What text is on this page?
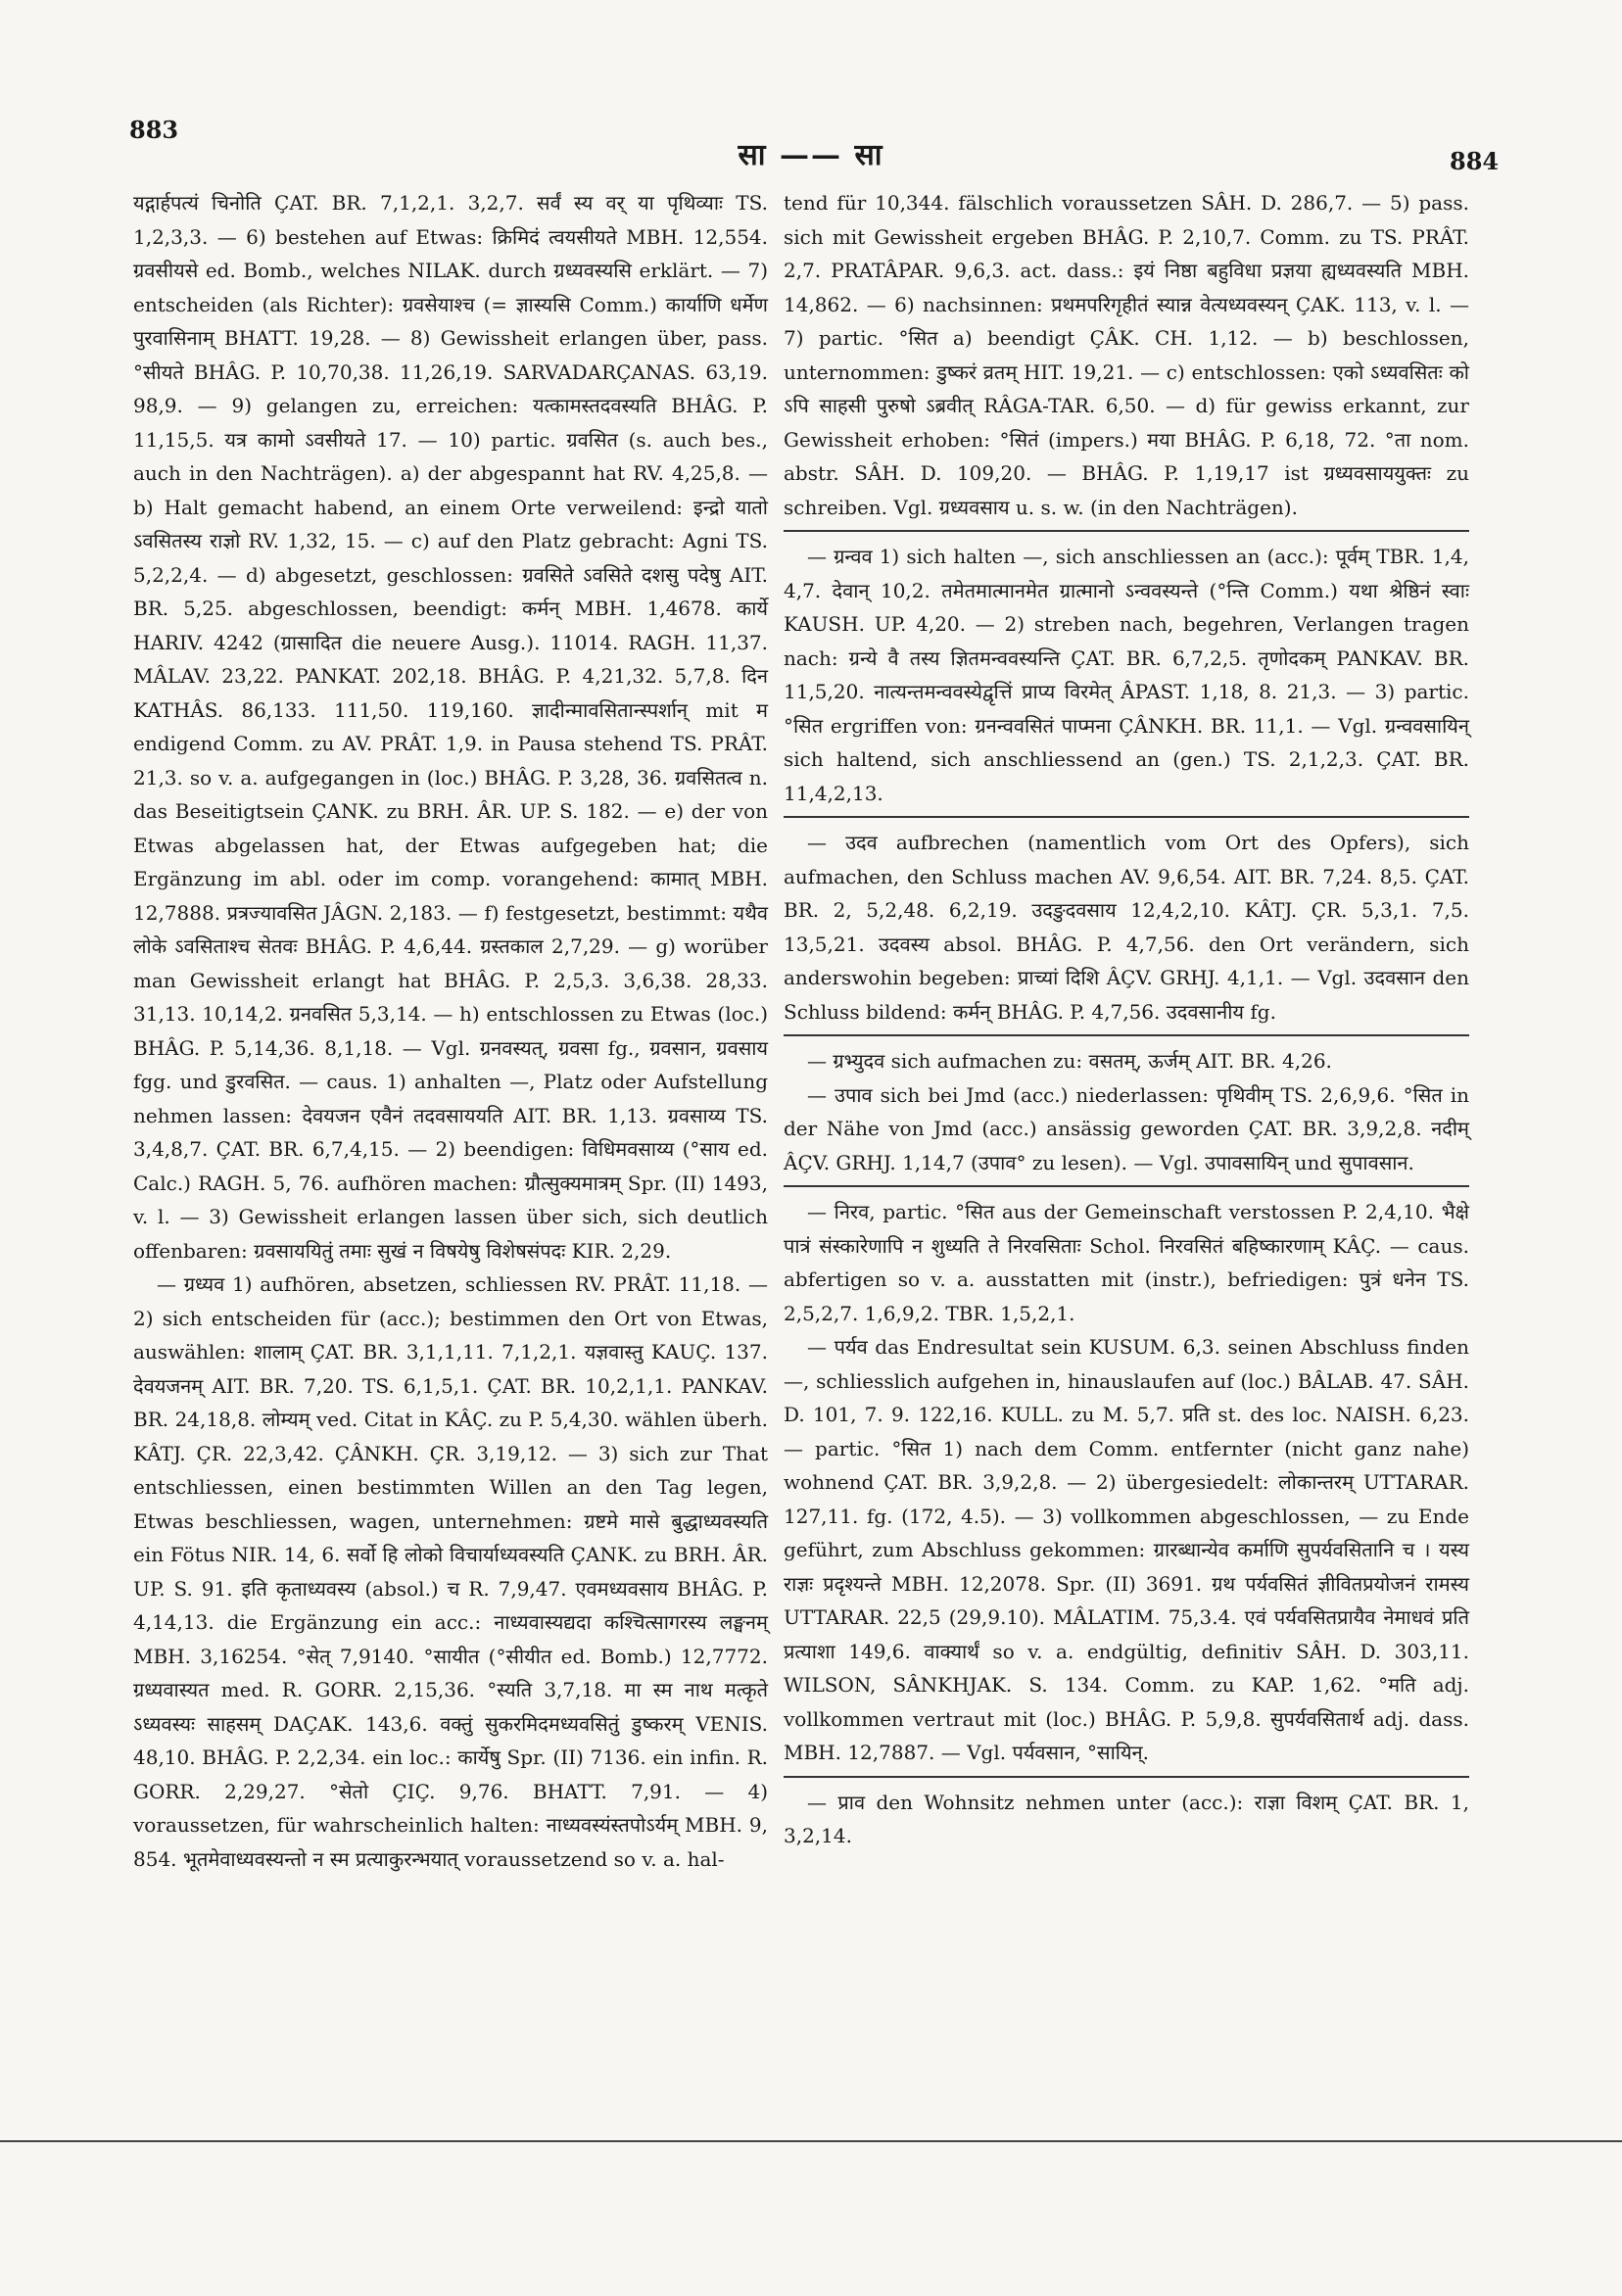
883
सा —— सा	884

यद्गार्हपत्यं चिनोति ÇAT. BR. 7,1,2,1. 3,2,7. सर्वं स्य वर् या पृथिव्याः TS. 1,2,3,3. — 6) bestehen auf Etwas: क्रिमिदं त्वयसीयते MBH. 12,554. ग्रवसीयसे ed. Bomb., welches NILAK. durch ग्रध्यवस्यसि erklärt. — 7) entscheiden (als Richter): ग्रवसेयाश्च (= ज्ञास्यसि Comm.) कार्याणि धर्मेण पुरवासिनाम् BHATT. 19,28. — 8) Gewissheit erlangen über, pass. °सीयते BHÂG. P. 10,70,38. 11,26,19. SARVADARÇANAS. 63,19. 98,9. — 9) gelangen zu, erreichen: यत्कामस्तदवस्यति BHÂG. P. 11,15,5. यत्र कामो ऽवसीयते 17. — 10) partic. ग्रवसित (s. auch bes., auch in den Nachträgen). a) der abgespannt hat RV. 4,25,8. — b) Halt gemacht habend, an einem Orte verweilend: इन्द्रो यातो ऽवसितस्य राज्ञो RV. 1,32, 15. — c) auf den Platz gebracht: Agni TS. 5,2,2,4. — d) abgesetzt, geschlossen: ग्रवसिते ऽवसिते दशसु पदेषु AIT. BR. 5,25. abgeschlossen, beendigt: कर्मन् MBH. 1,4678. कार्ये HARIV. 4242 (ग्रासादित die neuere Ausg.). 11014. RAGH. 11,37. MÂLAV. 23,22. PANKAT. 202,18. BHÂG. P. 4,21,32. 5,7,8. दिन KATHÂS. 86,133. 111,50. 119,160. ज्ञादीन्मावसितान्स्पर्शान् mit म endigend Comm. zu AV. PRÂT. 1,9. in Pausa stehend TS. PRÂT. 21,3. so v. a. aufgegangen in (loc.) BHÂG. P. 3,28, 36. ग्रवसितत्व n. das Beseitigtsein ÇANK. zu BRH. ÂR. UP. S. 182. — e) der von Etwas abgelassen hat, der Etwas aufgegeben hat; die Ergänzung im abl. oder im comp. vorangehend: कामात् MBH. 12,7888. प्रत्रज्यावसित JÂGN. 2,183. — f) festgesetzt, bestimmt: यथैव लोके ऽवसिताश्च सेतवः BHÂG. P. 4,6,44. ग्रस्तकाल 2,7,29. — g) worüber man Gewissheit erlangt hat BHÂG. P. 2,5,3. 3,6,38. 28,33. 31,13. 10,14,2. ग्रनवसित 5,3,14. — h) entschlossen zu Etwas (loc.) BHÂG. P. 5,14,36. 8,1,18. — Vgl. ग्रनवस्यत्, ग्रवसा fg., ग्रवसान, ग्रवसाय fgg. und डुरवसित. — caus. 1) anhalten —, Platz oder Aufstellung nehmen lassen: देवयजन एवैनं तदवसाययति AIT. BR. 1,13. ग्रवसाय्य TS. 3,4,8,7. ÇAT. BR. 6,7,4,15. — 2) beendigen: विधिमवसाय्य (°साय ed. Calc.) RAGH. 5, 76. aufhören machen: ग्रौत्सुक्यमात्रम् Spr. (II) 1493, v. l. — 3) Gewissheit erlangen lassen über sich, sich deutlich offenbaren: ग्रवसाययितुं तमाः सुखं न विषयेषु विशेषसंपदः KIR. 2,29.

— ग्रध्यव 1) aufhören, absetzen, schliessen RV. PRÂT. 11,18. — 2) sich entscheiden für (acc.); bestimmen den Ort von Etwas, auswählen: शालाम् ÇAT. BR. 3,1,1,11. 7,1,2,1. यज्ञवास्तु KAUÇ. 137. देवयजनम् AIT. BR. 7,20. TS. 6,1,5,1. ÇAT. BR. 10,2,1,1. PANKAV. BR. 24,18,8. लोम्यम् ved. Citat in KÂÇ. zu P. 5,4,30. wählen überh. KÂTJ. ÇR. 22,3,42. ÇÂNKH. ÇR. 3,19,12. — 3) sich zur That entschliessen, einen bestimmten Willen an den Tag legen, Etwas beschliessen, wagen, unternehmen: ग्रष्टमे मासे बुद्धाध्यवस्यति ein Fötus NIR. 14, 6. सर्वो हि लोको विचार्याध्यवस्यति ÇANK. zu BRH. ÂR. UP. S. 91. इति कृताध्यवस्य (absol.) च R. 7,9,47. एवमध्यवसाय BHÂG. P. 4,14,13. die Ergänzung ein acc.: नाध्यवास्यद्यदा कश्चित्सागरस्य लङ्घनम् MBH. 3,16254. °सेत् 7,9140. °सायीत (°सीयीत ed. Bomb.) 12,7772. ग्रध्यवास्यत med. R. GORR. 2,15,36. °स्यति 3,7,18. मा स्म नाथ मत्कृते ऽध्यवस्यः साहसम् DAÇAK. 143,6. वक्तुं सुकरमिदमध्यवसितुं डुष्करम् VENIS. 48,10. BHÂG. P. 2,2,34. ein loc.: कार्येषु Spr. (II) 7136. ein infin. R. GORR. 2,29,27. °सेतो ÇIÇ. 9,76. BHATT. 7,91. — 4) voraussetzen, für wahrscheinlich halten: नाध्यवस्यंस्तपोऽर्यम् MBH. 9, 854. भूतमेवाध्यवस्यन्तो न स्म प्रत्याकुरन्भयात् voraussetzend so v. a. hal-

tend für 10,344. fälschlich voraussetzen SÂH. D. 286,7. — 5) pass. sich mit Gewissheit ergeben BHÂG. P. 2,10,7. Comm. zu TS. PRÂT. 2,7. PRATÂPAR. 9,6,3. act. dass.: इयं निष्ठा बहुविधा प्रज्ञया ह्यध्यवस्यति MBH. 14,862. — 6) nachsinnen: प्रथमपरिगृहीतं स्यान्न वेत्यध्यवस्यन् ÇAK. 113, v. l. — 7) partic. °सित a) beendigt ÇÂK. CH. 1,12. — b) beschlossen, unternommen: डुष्करं व्रतम् HIT. 19,21. — c) entschlossen: एको ऽध्यवसितः को ऽपि साहसी पुरुषो ऽब्रवीत् RÂGA-TAR. 6,50. — d) für gewiss erkannt, zur Gewissheit erhoben: °सितं (impers.) मया BHÂG. P. 6,18, 72. °ता nom. abstr. SÂH. D. 109,20. — BHÂG. P. 1,19,17 ist ग्रध्यवसाययुक्तः zu schreiben. Vgl. ग्रध्यवसाय u. s. w. (in den Nachträgen).

— ग्रन्वव 1) sich halten —, sich anschliessen an (acc.): पूर्वम् TBR. 1,4, 4,7. देवान् 10,2. तमेतमात्मानमेत ग्रात्मानो ऽन्ववस्यन्ते (°न्ति Comm.) यथा श्रेष्ठिनं स्वाः KAUSH. UP. 4,20. — 2) streben nach, begehren, Verlangen tragen nach: ग्रन्ये वै तस्य ज्ञितमन्ववस्यन्ति ÇAT. BR. 6,7,2,5. तृणोदकम् PANKAV. BR. 11,5,20. नात्यन्तमन्ववस्येद्वृत्तिं प्राप्य विरमेत् ÂPAST. 1,18, 8. 21,3. — 3) partic. °सित ergriffen von: ग्रनन्ववसितं पाप्मना ÇÂNKH. BR. 11,1. — Vgl. ग्रन्ववसायिन् sich haltend, sich anschliessend an (gen.) TS. 2,1,2,3. ÇAT. BR. 11,4,2,13.

— उदव aufbrechen (namentlich vom Ort des Opfers), sich aufmachen, den Schluss machen AV. 9,6,54. AIT. BR. 7,24. 8,5. ÇAT. BR. 2, 5,2,48. 6,2,19. उदङुदवसाय 12,4,2,10. KÂTJ. ÇR. 5,3,1. 7,5. 13,5,21. उदवस्य absol. BHÂG. P. 4,7,56. den Ort verändern, sich anderswohin begeben: प्राच्यां दिशि ÂÇV. GRHJ. 4,1,1. — Vgl. उदवसान den Schluss bildend: कर्मन् BHÂG. P. 4,7,56. उदवसानीय fg.

— ग्रभ्युदव sich aufmachen zu: वसतम्, ऊर्जम् AIT. BR. 4,26.

— उपाव sich bei Jmd (acc.) niederlassen: पृथिवीम् TS. 2,6,9,6. °सित in der Nähe von Jmd (acc.) ansässig geworden ÇAT. BR. 3,9,2,8. नदीम् ÂÇV. GRHJ. 1,14,7 (उपाव° zu lesen). — Vgl. उपावसायिन् und सुपावसान.

— निरव, partic. °सित aus der Gemeinschaft verstossen P. 2,4,10. भैक्षे पात्रं संस्कारेणापि न शुध्यति ते निरवसिताः Schol. निरवसितं बहिष्कारणाम् KÂÇ. — caus. abfertigen so v. a. ausstatten mit (instr.), befriedigen: पुत्रं धनेन TS. 2,5,2,7. 1,6,9,2. TBR. 1,5,2,1.

— पर्यव das Endresultat sein KUSUM. 6,3. seinen Abschluss finden —, schliesslich aufgehen in, hinauslaufen auf (loc.) BÂLAB. 47. SÂH. D. 101, 7. 9. 122,16. KULL. zu M. 5,7. प्रति st. des loc. NAISH. 6,23. — partic. °सित 1) nach dem Comm. entfernter (nicht ganz nahe) wohnend ÇAT. BR. 3,9,2,8. — 2) übergesiedelt: लोकान्तरम् UTTARAR. 127,11. fg. (172, 4.5). — 3) vollkommen abgeschlossen, — zu Ende geführt, zum Abschluss gekommen: ग्रारब्धान्येव कर्माणि सुपर्यवसितानि च । यस्य राज्ञः प्रदृश्यन्ते MBH. 12,2078. Spr. (II) 3691. ग्रथ पर्यवसितं ज्ञीवितप्रयोजनं रामस्य UTTARAR. 22,5 (29,9.10). MÂLATIM. 75,3.4. एवं पर्यवसितप्रायैव नेमाधवं प्रति प्रत्याशा 149,6. वाक्यार्थं so v. a. endgültig, definitiv SÂH. D. 303,11. WILSON, SÂNKHJAK. S. 134. Comm. zu KAP. 1,62. °मति adj. vollkommen vertraut mit (loc.) BHÂG. P. 5,9,8. सुपर्यवसितार्थ adj. dass. MBH. 12,7887. — Vgl. पर्यवसान, °सायिन्.

— प्राव den Wohnsitz nehmen unter (acc.): राज्ञा विशम् ÇAT. BR. 1, 3,2,14.
